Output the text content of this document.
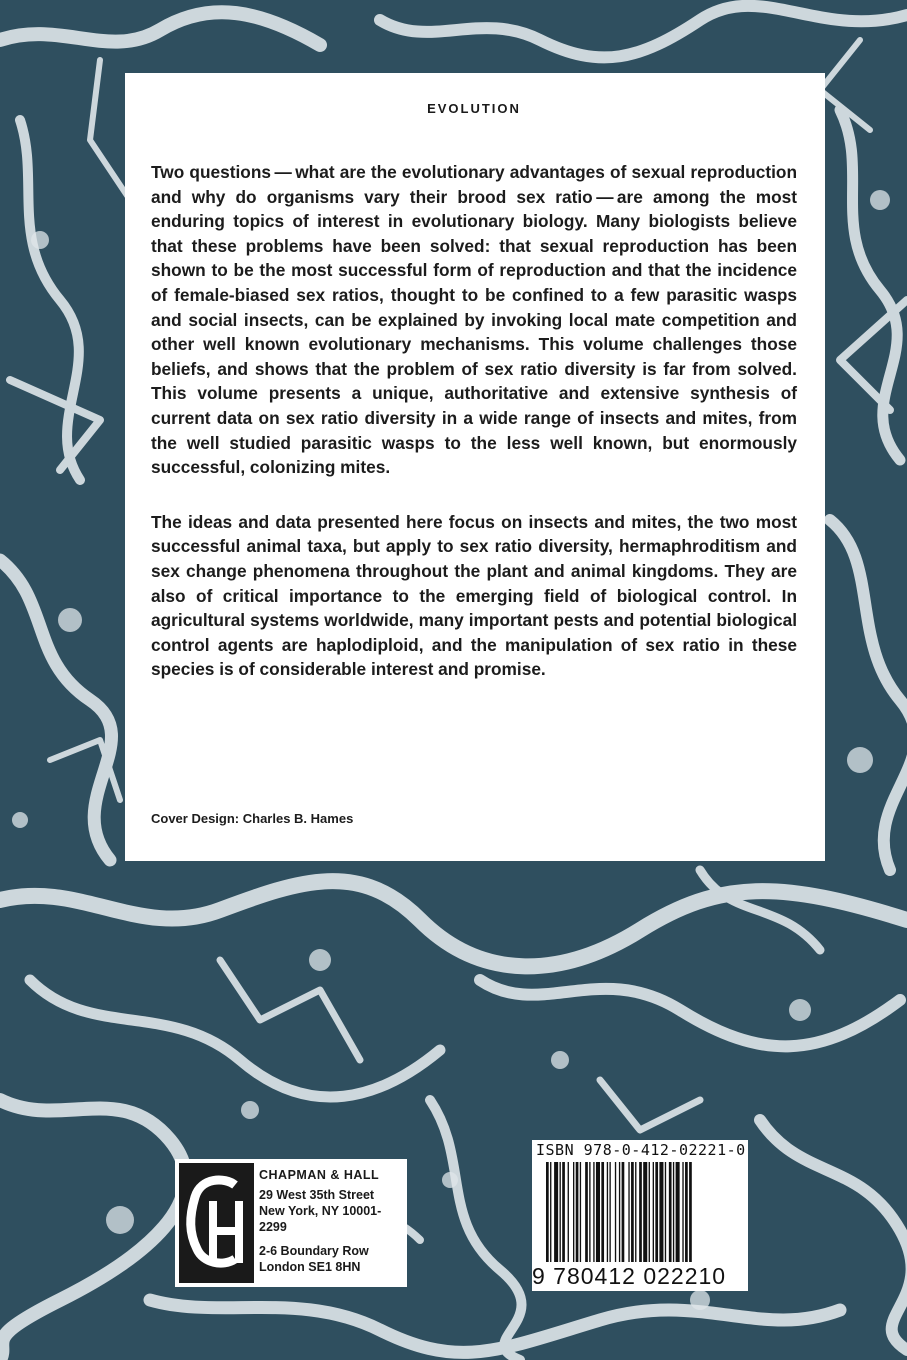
EVOLUTION

Two questions — what are the evolutionary advantages of sexual reproduction and why do organisms vary their brood sex ratio — are among the most enduring topics of interest in evolutionary biology. Many biologists believe that these problems have been solved: that sexual reproduction has been shown to be the most successful form of reproduction and that the incidence of female-biased sex ratios, thought to be confined to a few parasitic wasps and social insects, can be explained by invoking local mate competition and other well known evolutionary mechanisms. This volume challenges those beliefs, and shows that the problem of sex ratio diversity is far from solved. This volume presents a unique, authoritative and extensive synthesis of current data on sex ratio diversity in a wide range of insects and mites, from the well studied parasitic wasps to the less well known, but enormously successful, colonizing mites.

The ideas and data presented here focus on insects and mites, the two most successful animal taxa, but apply to sex ratio diversity, hermaphroditism and sex change phenomena throughout the plant and animal kingdoms. They are also of critical importance to the emerging field of biological control. In agricultural systems worldwide, many important pests and potential biological control agents are haplodiploid, and the manipulation of sex ratio in these species is of considerable interest and promise.

Cover Design: Charles B. Hames
CHAPMAN & HALL
29 West 35th Street
New York, NY 10001-2299
2-6 Boundary Row
London SE1 8HN
ISBN 978-0-412-02221-0
9 780412 022210
